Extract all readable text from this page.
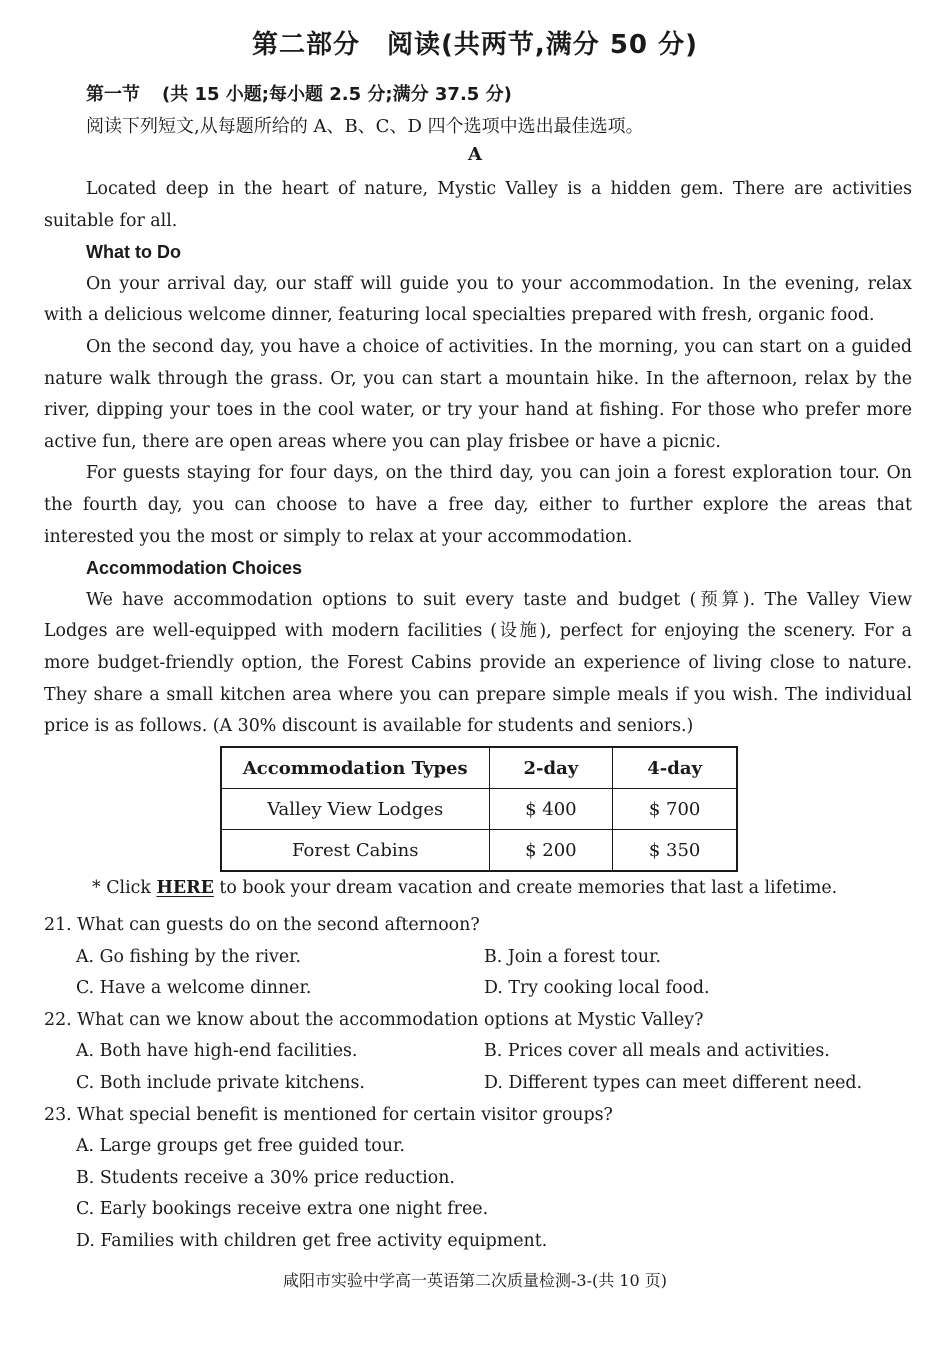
第二部分　阅读(共两节,满分 50 分)
第一节 (共 15 小题;每小题 2.5 分;满分 37.5 分)
阅读下列短文,从每题所给的 A、B、C、D 四个选项中选出最佳选项。
A

Located deep in the heart of nature, Mystic Valley is a hidden gem. There are activities suitable for all.

What to Do

On your arrival day, our staff will guide you to your accommodation. In the evening, relax with a delicious welcome dinner, featuring local specialties prepared with fresh, organic food.

On the second day, you have a choice of activities. In the morning, you can start on a guided nature walk through the grass. Or, you can start a mountain hike. In the afternoon, relax by the river, dipping your toes in the cool water, or try your hand at fishing. For those who prefer more active fun, there are open areas where you can play frisbee or have a picnic.

For guests staying for four days, on the third day, you can join a forest exploration tour. On the fourth day, you can choose to have a free day, either to further explore the areas that interested you the most or simply to relax at your accommodation.

Accommodation Choices

We have accommodation options to suit every taste and budget (预算). The Valley View Lodges are well-equipped with modern facilities (设施), perfect for enjoying the scenery. For a more budget-friendly option, the Forest Cabins provide an experience of living close to nature. They share a small kitchen area where you can prepare simple meals if you wish. The individual price is as follows. (A 30% discount is available for students and seniors.)

Accommodation Types	2-day	4-day
Valley View Lodges	$ 400	$ 700
Forest Cabins	$ 200	$ 350
* Click HERE to book your dream vacation and create memories that last a lifetime.
21. What can guests do on the second afternoon?
A. Go fishing by the river.	B. Join a forest tour.
C. Have a welcome dinner.	D. Try cooking local food.
22. What can we know about the accommodation options at Mystic Valley?
A. Both have high-end facilities.	B. Prices cover all meals and activities.
C. Both include private kitchens.	D. Different types can meet different need.
23. What special benefit is mentioned for certain visitor groups?
A. Large groups get free guided tour.
B. Students receive a 30% price reduction.
C. Early bookings receive extra one night free.
D. Families with children get free activity equipment.
咸阳市实验中学高一英语第二次质量检测-3-(共 10 页)
